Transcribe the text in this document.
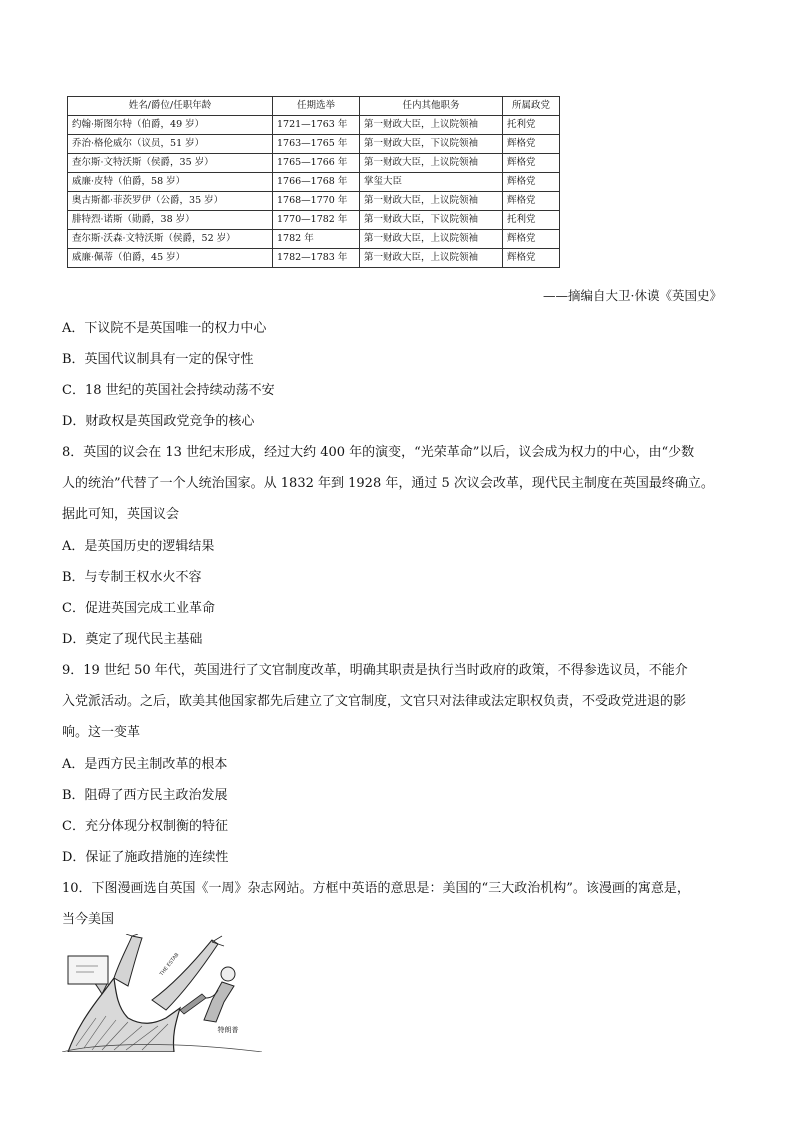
姓名/爵位/任职年龄	任期选举	任内其他职务	所属政党
约翰·斯图尔特（伯爵，49 岁）	1721—1763 年	第一财政大臣，上议院领袖	托利党
乔治·格伦威尔（议员，51 岁）	1763—1765 年	第一财政大臣，下议院领袖	辉格党
查尔斯·文特沃斯（侯爵，35 岁）	1765—1766 年	第一财政大臣，上议院领袖	辉格党
威廉·皮特（伯爵，58 岁）	1766—1768 年	掌玺大臣	辉格党
奥古斯都·菲茨罗伊（公爵，35 岁）	1768—1770 年	第一财政大臣，上议院领袖	辉格党
腓特烈·诺斯（勋爵，38 岁）	1770—1782 年	第一财政大臣，下议院领袖	托利党
查尔斯·沃森·文特沃斯（侯爵，52 岁）	1782 年	第一财政大臣，上议院领袖	辉格党
威廉·佩蒂（伯爵，45 岁）	1782—1783 年	第一财政大臣，上议院领袖	辉格党
——摘编自大卫·休谟《英国史》
A．下议院不是英国唯一的权力中心
B．英国代议制具有一定的保守性
C．18 世纪的英国社会持续动荡不安
D．财政权是英国政党竞争的核心
8．英国的议会在 13 世纪末形成，经过大约 400 年的演变，“光荣革命”以后，议会成为权力的中心，由“少数
人的统治”代替了一个人统治国家。从 1832 年到 1928 年，通过 5 次议会改革，现代民主制度在英国最终确立。
据此可知，英国议会
A．是英国历史的逻辑结果
B．与专制王权水火不容
C．促进英国完成工业革命
D．奠定了现代民主基础
9．19 世纪 50 年代，英国进行了文官制度改革，明确其职责是执行当时政府的政策，不得参选议员，不能介
入党派活动。之后，欧美其他国家都先后建立了文官制度，文官只对法律或法定职权负责，不受政党进退的影
响。这一变革
A．是西方民主制改革的根本
B．阻碍了西方民主政治发展
C．充分体现分权制衡的特征
D．保证了施政措施的连续性
10．下图漫画选自英国《一周》杂志网站。方框中英语的意思是：美国的“三大政治机构”。该漫画的寓意是，
当今美国
THE ESTAB
特朗普
